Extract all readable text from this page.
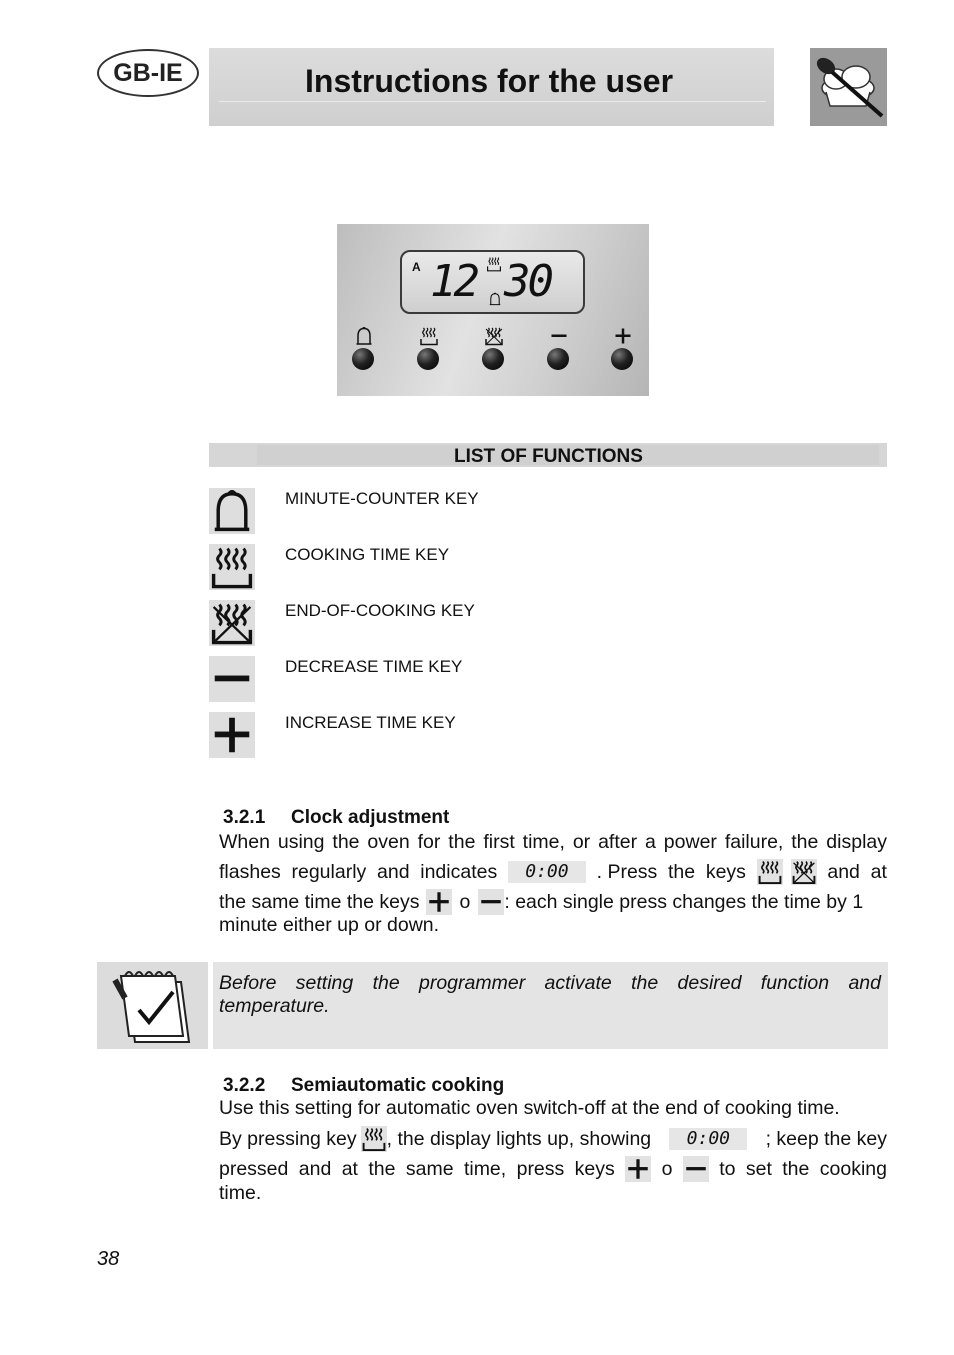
GB-IE	Instructions for the user
A 12 30
LIST OF FUNCTIONS
MINUTE-COUNTER KEY
COOKING TIME KEY
END-OF-COOKING KEY
DECREASE TIME KEY
INCREASE TIME KEY
3.2.1 Clock adjustment
When using the oven for the first time, or after a power failure, the display
flashes regularly and indicates	0:00	. Press the keys	and at
the same time the keys o : each single press changes the time by 1
minute either up or down.
Before setting the programmer activate the desired function and
temperature.
3.2.2 Semiautomatic cooking
Use this setting for automatic oven switch-off at the end of cooking time.
By pressing key , the display lights up, showing	0:00	; keep the key
pressed and at the same time, press keys o to set the cooking
time.
38
